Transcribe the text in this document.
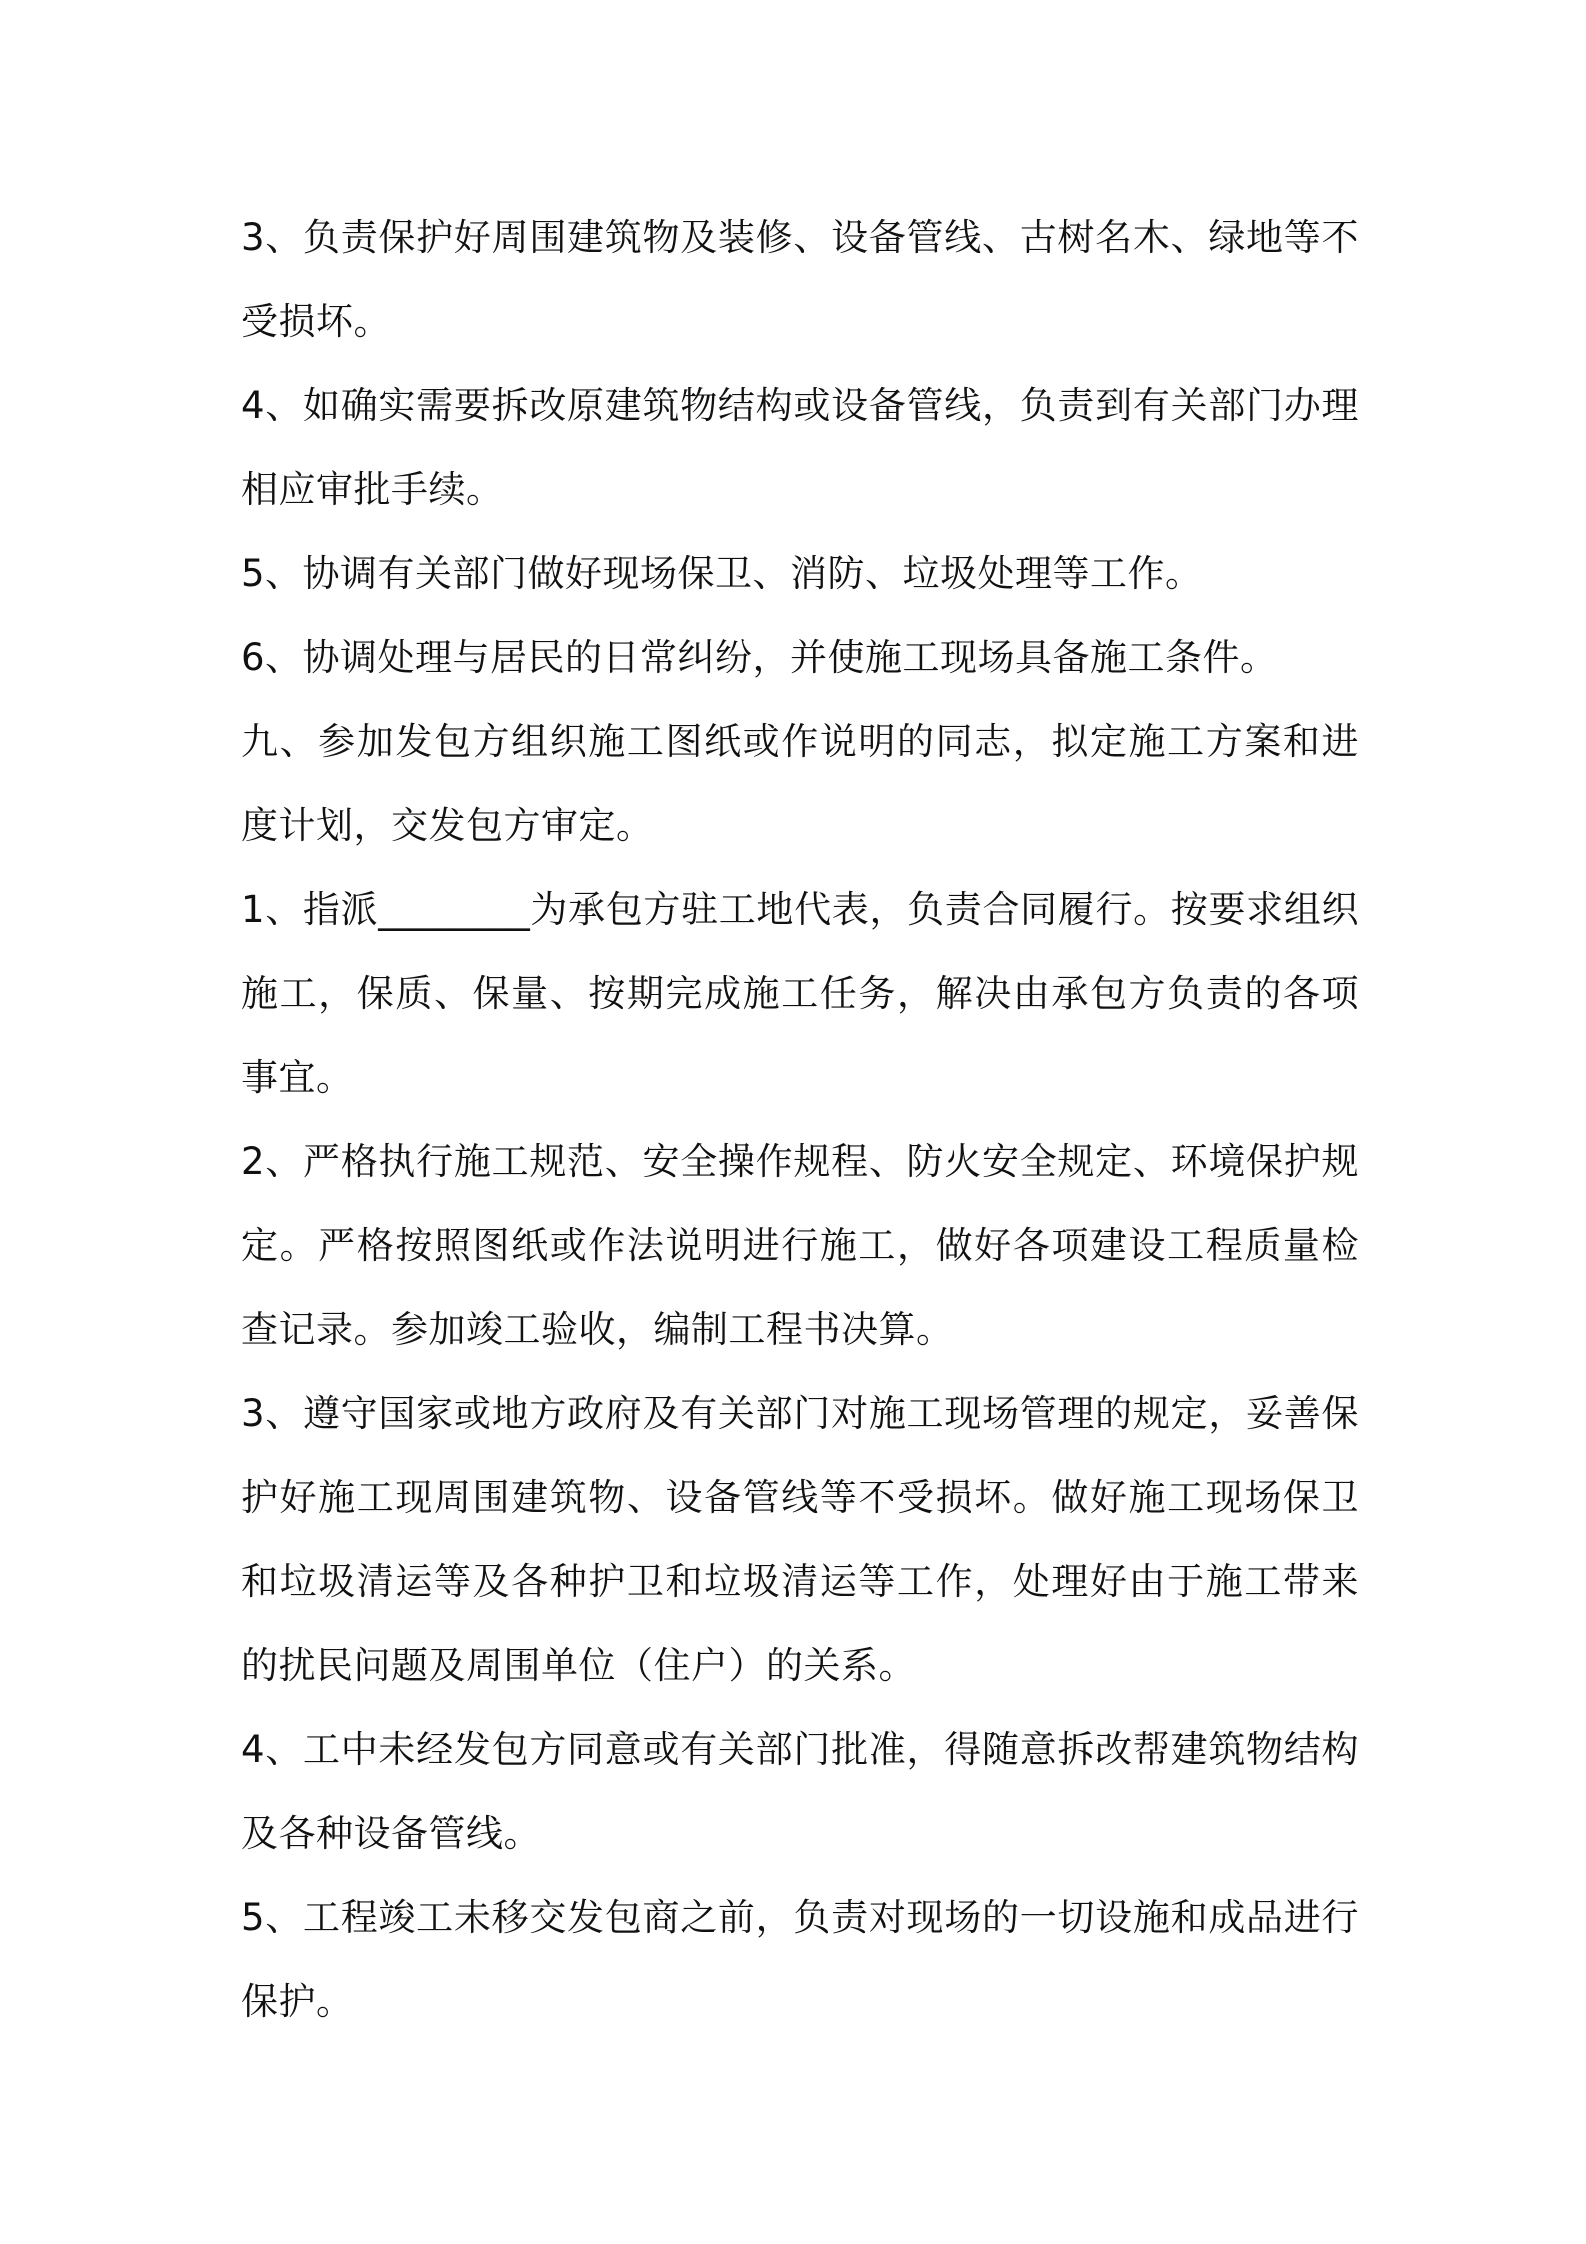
3、负责保护好周围建筑物及装修、设备管线、古树名木、绿地等不受损坏。

4、如确实需要拆改原建筑物结构或设备管线，负责到有关部门办理相应审批手续。

5、协调有关部门做好现场保卫、消防、垃圾处理等工作。

6、协调处理与居民的日常纠纷，并使施工现场具备施工条件。

九、参加发包方组织施工图纸或作说明的同志，拟定施工方案和进度计划，交发包方审定。

1、指派________为承包方驻工地代表，负责合同履行。按要求组织施工，保质、保量、按期完成施工任务，解决由承包方负责的各项事宜。

2、严格执行施工规范、安全操作规程、防火安全规定、环境保护规定。严格按照图纸或作法说明进行施工，做好各项建设工程质量检查记录。参加竣工验收，编制工程书决算。

3、遵守国家或地方政府及有关部门对施工现场管理的规定，妥善保护好施工现周围建筑物、设备管线等不受损坏。做好施工现场保卫和垃圾清运等及各种护卫和垃圾清运等工作，处理好由于施工带来的扰民问题及周围单位（住户）的关系。

4、工中未经发包方同意或有关部门批准，得随意拆改帮建筑物结构及各种设备管线。

5、工程竣工未移交发包商之前，负责对现场的一切设施和成品进行保护。
